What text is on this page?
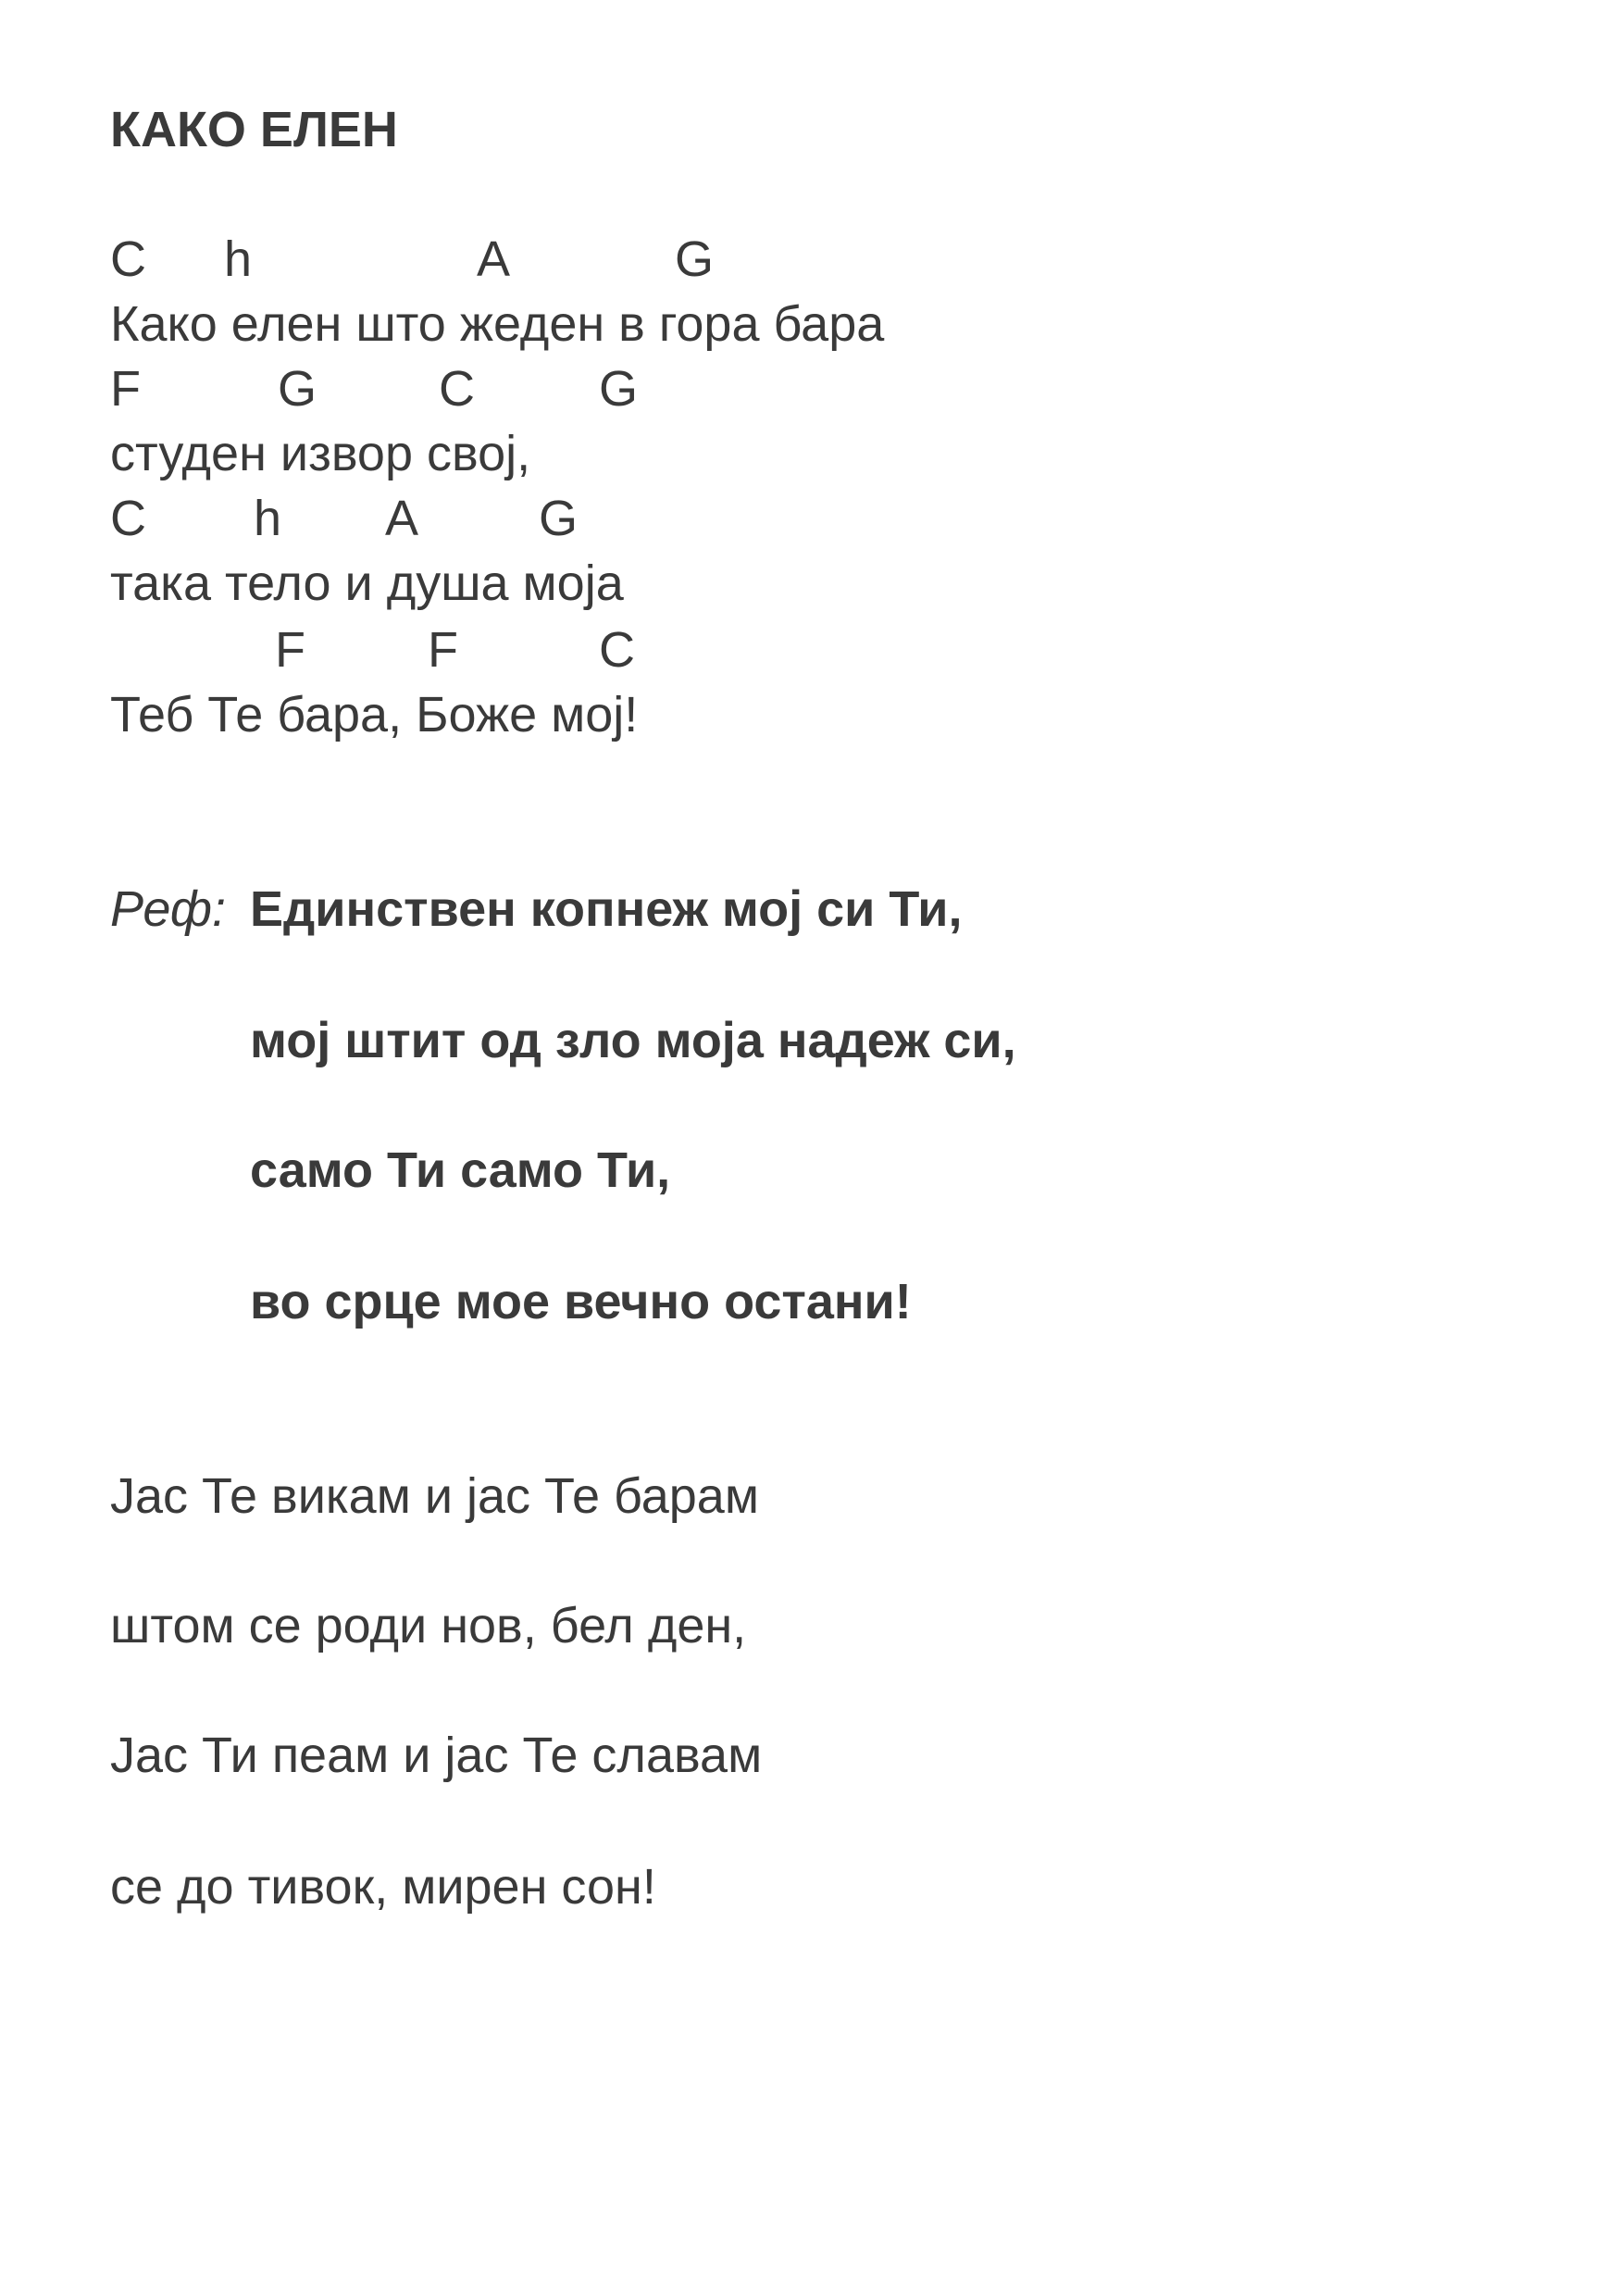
КАКО ЕЛЕН

C

h

	A

	G

Како елен што жеден в гора бара

F

	G

C

G

студен извор свој,

C

h

A

G

така тело и душа моја

F

F

	C

Теб Те бара, Боже мој!
Реф: Единствен копнеж мој си Ти,
мој штит од зло моја надеж си,
само Ти само Ти,
во срце мое вечно остани!
Јас Те викам и јас Те барам
штом се роди нов, бел ден,
Јас Ти пеам и јас Те славам
се до тивок, мирен сон!
